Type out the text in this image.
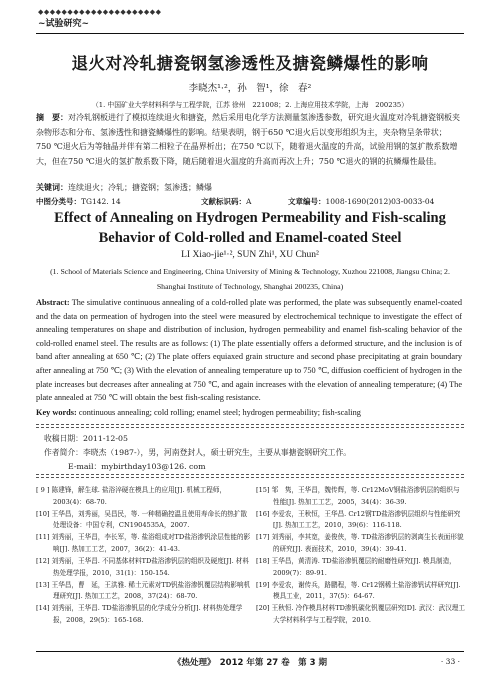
◆◆◆◆◆◆◆◆◆◆◆◆◆◆◆◆◆◆◆◆◆
~试验研究~
退火对冷轧搪瓷钢氢渗透性及搪瓷鳞爆性的影响
李晓杰¹·²，孙　智¹，徐　春²
（1. 中国矿业大学材料科学与工程学院，江苏 徐州　221008；2. 上海应用技术学院，上海　200235）
摘　要：对冷轧钢板进行了模拟连续退火和搪瓷，然后采用电化学方法测量氢渗透参数，研究退火温度对冷轧搪瓷钢板夹杂物形态和分布、氢渗透性和搪瓷鳞爆性的影响。结果表明，钢于650 ℃退火后以变形组织为主，夹杂物呈条带状；750 ℃退火后为等轴晶并伴有第二相粒子在晶界析出；在750 ℃以下，随着退火温度的升高，试验用钢的氢扩散系数增大，但在750 ℃退火的氢扩散系数下降，随后随着退火温度的升高而再次上升；750 ℃退火的钢的抗鳞爆性最佳。
关键词：连续退火；冷轧；搪瓷钢；氢渗透；鳞爆
中图分类号：TG142. 14	文献标识码：A	文章编号：1008-1690(2012)03-0033-04
Effect of Annealing on Hydrogen Permeability and Fish-scaling Behavior of Cold-rolled and Enamel-coated Steel
LI Xiao-jie¹·², SUN Zhi¹, XU Chun²
(1. School of Materials Science and Engineering, China University of Mining & Technology, Xuzhou 221008, Jiangsu China; 2. Shanghai Institute of Technology, Shanghai 200235, China)
Abstract: The simulative continuous annealing of a cold-rolled plate was performed, the plate was subsequently enamel-coated and the data on permeation of hydrogen into the steel were measured by electrochemical technique to investigate the effect of annealing temperatures on shape and distribution of inclusion, hydrogen permeability and enamel fish-scaling behavior of the cold-rolled enamel steel. The results are as follows: (1) The plate essentially offers a deformed structure, and the inclusion is of band after annealing at 650 ℃; (2) The plate offers equiaxed grain structure and second phase precipitating at grain boundary after annealing at 750 ℃; (3) With the elevation of annealing temperature up to 750 ℃, diffusion coefficient of hydrogen in the plate increases but decreases after annealing at 750 ℃, and again increases with the elevation of annealing temperature; (4) The plate annealed at 750 ℃ will obtain the best fish-scaling resistance.
Key words: continuous annealing; cold rolling; enamel steel; hydrogen permeability; fish-scaling
收稿日期：2011-12-05
作者简介：李晓杰（1987-），男，河南登封人，硕士研究生，主要从事搪瓷钢研究工作。
E-mail：mybirthday103@126. com
[ 9 ] 陈建锋，解生球. 盐浴淬硬在模具上的应用[J]. 机械工程师，2003(4)：68-70.
[10] 王华昌，刘秀丽，吴昌民，等. 一种精确控温且使用寿命长的热扩散处理设备：中国专利，CN1904535A，2007.
[11] 刘秀丽，王华昌，李长军，等. 盐浴组成对TD盐浴渗钒涂层性能的影响[J]. 热加工工艺，2007，36(2)：41-43.
[12] 刘秀丽，王华昌. 不同基体材料TD盐浴渗钒层的组织及硬度[J]. 材料热处理学报，2010，31(1)：150-154.
[13] 王华昌，曹　延，王洪雅. 稀土元素对TD钒盐浴渗钒覆层结构影响机理研究[J]. 热加工工艺，2008，37(24)：68-70.
[14] 刘秀丽，王华昌. TD盐浴渗钒层的化学成分分析[J]. 材料热处理学报，2008，29(5)：165-168.
[15] 邹　隽，王华昌，魏传辉，等. Cr12MoV钢盐浴渗钒层的组织与性能[J]. 热加工工艺，2005，34(4)：36-39.
[16] 李爱农，王秋恒，王华昌. Cr12钢TD盐浴渗钒层组织与性能研究[J]. 热加工工艺，2010，39(6)：116-118.
[17] 刘秀丽，李其宽，姜俊侠，等. TD盐浴渗钒层的剥离生长表面形貌的研究[J]. 表面技术，2010，39(4)：39-41.
[18] 王华昌，黄清涛. TD盐浴渗钒覆层的耐磨性研究[J]. 模具制造，2009(7)：89-91.
[19] 李爱农，谢传兵，路鹏程，等. Cr12钢稀土盐浴渗钒试样研究[J]. 模具工业，2011，37(5)：64-67.
[20] 王秋恒. 冷作模具材料TD渗钒碳化钒覆层研究[D]. 武汉：武汉理工大学材料科学与工程学院，2010.
《热处理》　2012 年第 27 卷　第 3 期	· 33 ·
